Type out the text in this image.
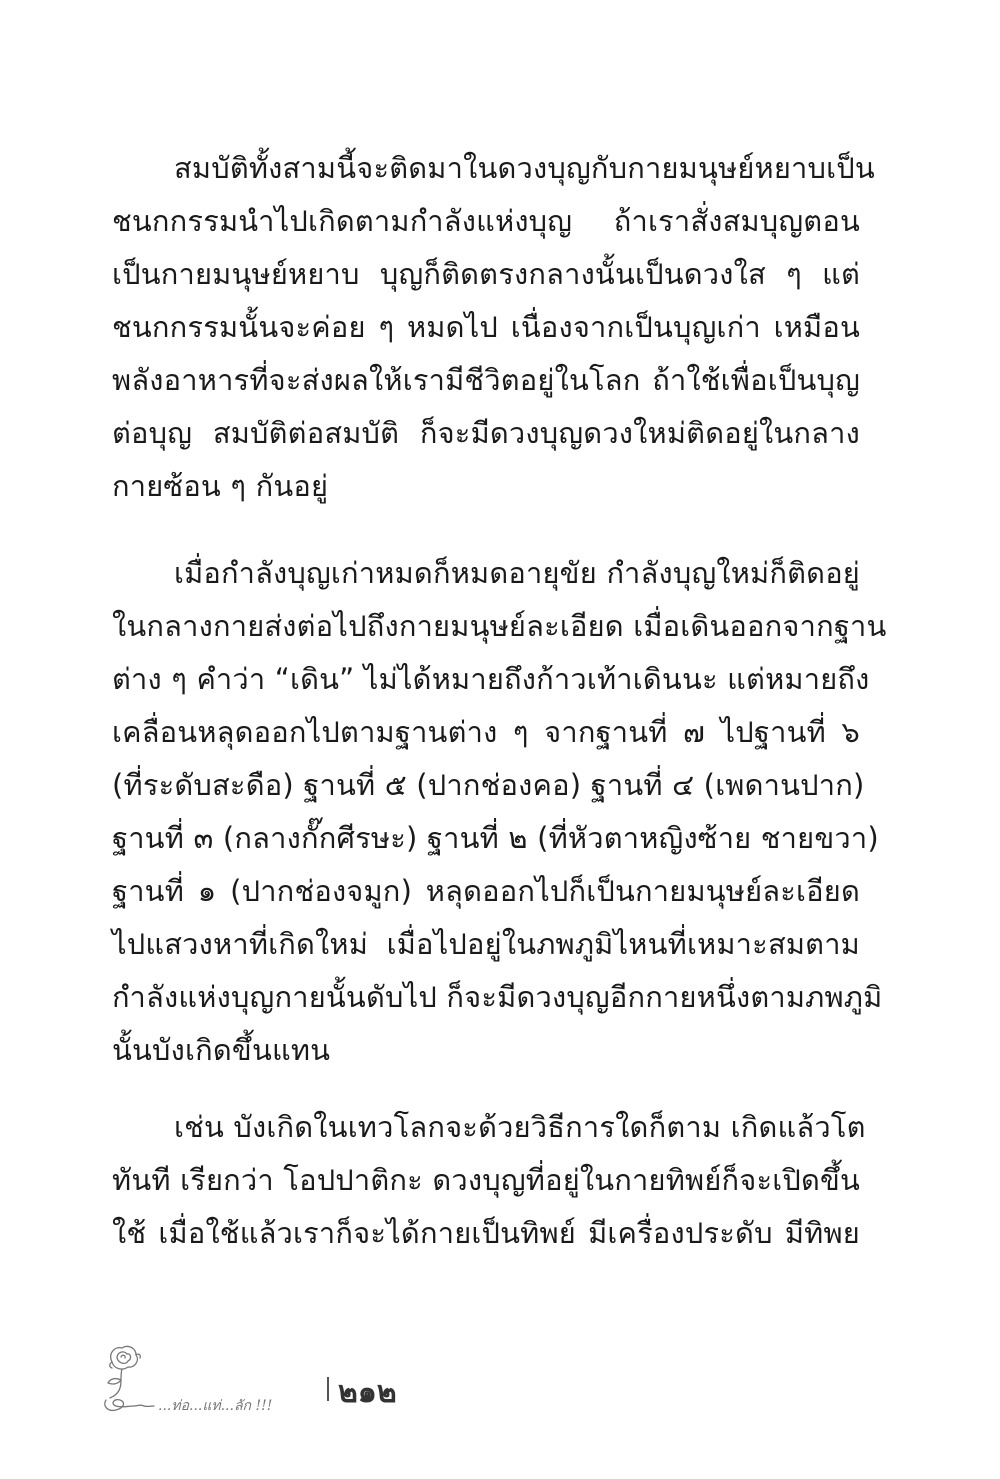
สมบัติทั้งสามนี้จะติดมาในดวงบุญกับกายมนุษย์หยาบเป็น
ชนกกรรมนำไปเกิดตามกำลังแห่งบุญ ถ้าเราสั่งสมบุญตอน
เป็นกายมนุษย์หยาบ บุญก็ติดตรงกลางนั้นเป็นดวงใส ๆ แต่
ชนกกรรมนั้นจะค่อย ๆ หมดไป เนื่องจากเป็นบุญเก่า เหมือน
พลังอาหารที่จะส่งผลให้เรามีชีวิตอยู่ในโลก ถ้าใช้เพื่อเป็นบุญ
ต่อบุญ สมบัติต่อสมบัติ ก็จะมีดวงบุญดวงใหม่ติดอยู่ในกลาง
กายซ้อน ๆ กันอยู่
เมื่อกำลังบุญเก่าหมดก็หมดอายุขัย กำลังบุญใหม่ก็ติดอยู่
ในกลางกายส่งต่อไปถึงกายมนุษย์ละเอียด เมื่อเดินออกจากฐาน
ต่าง ๆ คำว่า “เดิน” ไม่ได้หมายถึงก้าวเท้าเดินนะ แต่หมายถึง
เคลื่อนหลุดออกไปตามฐานต่าง ๆ จากฐานที่ ๗ ไปฐานที่ ๖
(ที่ระดับสะดือ) ฐานที่ ๕ (ปากช่องคอ) ฐานที่ ๔ (เพดานปาก)
ฐานที่ ๓ (กลางกั๊กศีรษะ) ฐานที่ ๒ (ที่หัวตาหญิงซ้าย ชายขวา)
ฐานที่ ๑ (ปากช่องจมูก) หลุดออกไปก็เป็นกายมนุษย์ละเอียด
ไปแสวงหาที่เกิดใหม่ เมื่อไปอยู่ในภพภูมิไหนที่เหมาะสมตาม
กำลังแห่งบุญกายนั้นดับไป ก็จะมีดวงบุญอีกกายหนึ่งตามภพภูมิ
นั้นบังเกิดขึ้นแทน
เช่น บังเกิดในเทวโลกจะด้วยวิธีการใดก็ตาม เกิดแล้วโต
ทันที เรียกว่า โอปปาติกะ ดวงบุญที่อยู่ในกายทิพย์ก็จะเปิดขึ้น
ใช้ เมื่อใช้แล้วเราก็จะได้กายเป็นทิพย์ มีเครื่องประดับ มีทิพย
...ท่อ...แท่...ลัก !!! ๒๑๒
